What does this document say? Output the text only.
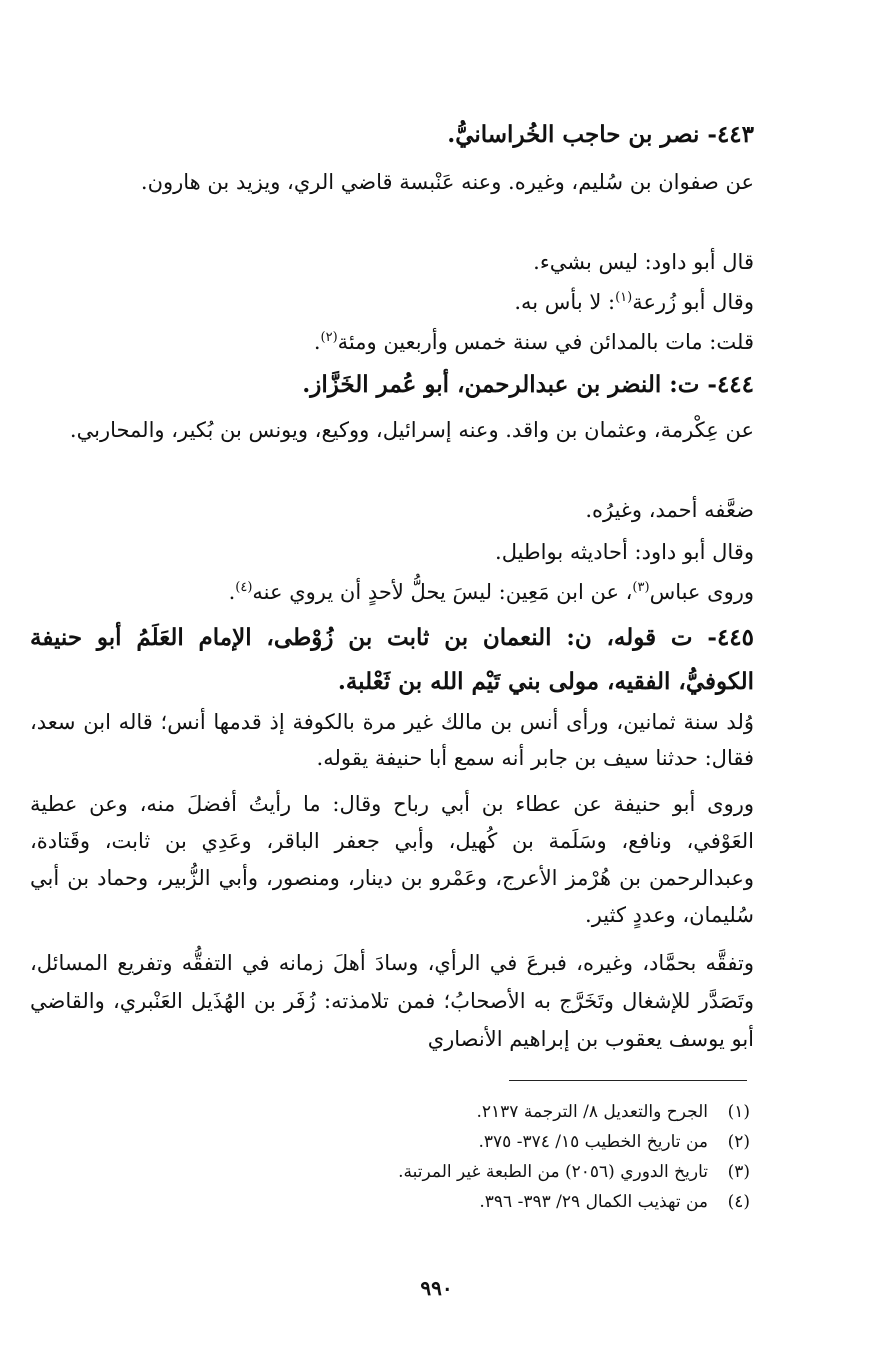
٤٤٣- نصر بن حاجب الخُراسانيُّ.
عن صفوان بن سُليم، وغيره. وعنه عَنْبسة قاضي الري، ويزيد بن هارون.
قال أبو داود: ليس بشيء.
وقال أبو زُرعة$^{(١)}$: لا بأس به.
قلت: مات بالمدائن في سنة خمس وأربعين ومئة$^{(٢)}$.
٤٤٤- ت: النضر بن عبدالرحمن، أبو عُمر الخَزَّاز.
عن عِكْرمة، وعثمان بن واقد. وعنه إسرائيل، ووكيع، ويونس بن بُكير، والمحاربي.
ضعَّفه أحمد، وغيرُه.
وقال أبو داود: أحاديثه بواطيل.
وروى عباس$^{(٣)}$، عن ابن مَعِين: ليسَ يحلُّ لأحدٍ أن يروي عنه$^{(٤)}$.
٤٤٥- ت قوله، ن: النعمان بن ثابت بن زُوْطى، الإمام العَلَمُ أبو حنيفة الكوفيُّ، الفقيه، مولى بني تَيْم الله بن ثَعْلبة.
وُلد سنة ثمانين، ورأى أنس بن مالك غير مرة بالكوفة إذ قدمها أنس؛ قاله ابن سعد، فقال: حدثنا سيف بن جابر أنه سمع أبا حنيفة يقوله.
وروى أبو حنيفة عن عطاء بن أبي رباح وقال: ما رأيتُ أفضلَ منه، وعن عطية العَوْفي، ونافع، وسَلَمة بن كُهيل، وأبي جعفر الباقر، وعَدِي بن ثابت، وقَتادة، وعبدالرحمن بن هُرْمز الأعرج، وعَمْرو بن دينار، ومنصور، وأبي الزُّبير، وحماد بن أبي سُليمان، وعددٍ كثير.
وتفقَّه بحمَّاد، وغيره، فبرعَ في الرأي، وسادَ أهلَ زمانه في التفقُّه وتفريع المسائل، وتَصَدَّر للإشغال وتَخَرَّج به الأصحابُ؛ فمن تلامذته: زُفَر بن الهُذَيل العَنْبري، والقاضي أبو يوسف يعقوب بن إبراهيم الأنصاري
(١)الجرح والتعديل ٨/ الترجمة ٢١٣٧.
(٢)من تاريخ الخطيب ١٥/ ٣٧٤- ٣٧٥.
(٣)تاريخ الدوري (٢٠٥٦) من الطبعة غير المرتبة.
(٤)من تهذيب الكمال ٢٩/ ٣٩٣- ٣٩٦.
٩٩٠
